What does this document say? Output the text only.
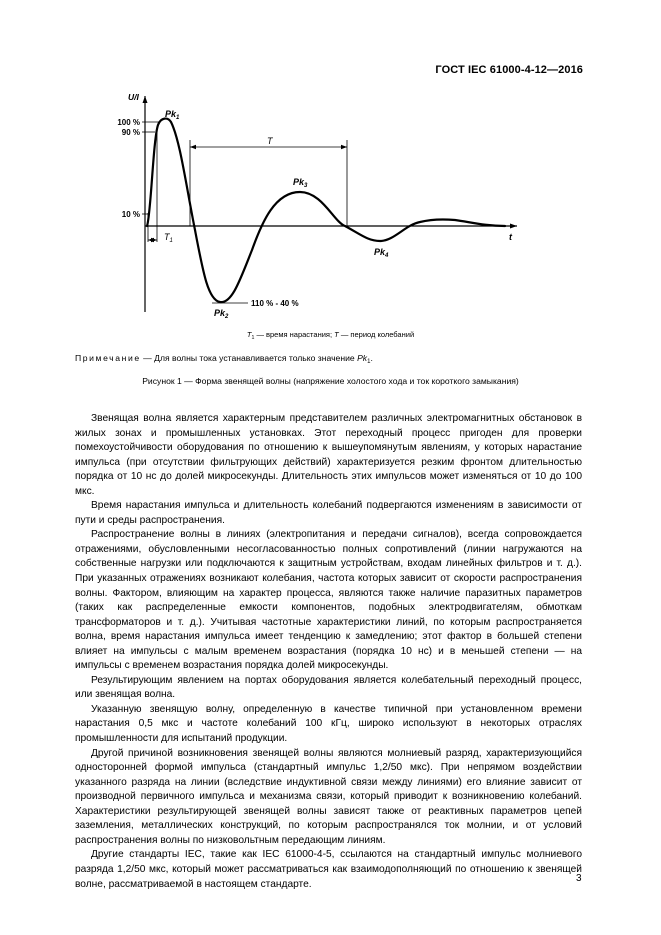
ГОСТ IEC 61000-4-12—2016
$T_1$
T
U/I
t
100 %
90 %
10 %
$Pk_1$
$Pk_2$
$Pk_3$
$Pk_4$
110 % - 40 %
$T_1$ — время нарастания; T — период колебаний
Примечание — Для волны тока устанавливается только значение $Pk_1$.
Рисунок 1 — Форма звенящей волны (напряжение холостого хода и ток короткого замыкания)

Звенящая волна является характерным представителем различных электромагнитных обстановок в жилых зонах и промышленных установках. Этот переходный процесс пригоден для проверки помехоустойчивости оборудования по отношению к вышеупомянутым явлениям, у которых нарастание импульса (при отсутствии фильтрующих действий) характеризуется резким фронтом длительностью порядка от 10 нс до долей микросекунды. Длительность этих импульсов может изменяться от 10 до 100 мкс.

Время нарастания импульса и длительность колебаний подвергаются изменениям в зависимости от пути и среды распространения.

Распространение волны в линиях (электропитания и передачи сигналов), всегда сопровождается отражениями, обусловленными несогласованностью полных сопротивлений (линии нагружаются на собственные нагрузки или подключаются к защитным устройствам, входам линейных фильтров и т. д.). При указанных отражениях возникают колебания, частота которых зависит от скорости распространения волны. Фактором, влияющим на характер процесса, являются также наличие паразитных параметров (таких как распределенные емкости компонентов, подобных электродвигателям, обмоткам трансформаторов и т. д.). Учитывая частотные характеристики линий, по которым распространяется волна, время нарастания импульса имеет тенденцию к замедлению; этот фактор в большей степени влияет на импульсы с малым временем возрастания (порядка 10 нс) и в меньшей степени — на импульсы с временем возрастания порядка долей микросекунды.

Результирующим явлением на портах оборудования является колебательный переходный процесс, или звенящая волна.

Указанную звенящую волну, определенную в качестве типичной при установленном времени нарастания 0,5 мкс и частоте колебаний 100 кГц, широко используют в некоторых отраслях промышленности для испытаний продукции.

Другой причиной возникновения звенящей волны являются молниевый разряд, характеризующийся односторонней формой импульса (стандартный импульс 1,2/50 мкс). При непрямом воздействии указанного разряда на линии (вследствие индуктивной связи между линиями) его влияние зависит от производной первичного импульса и механизма связи, который приводит к возникновению колебаний. Характеристики результирующей звенящей волны зависят также от реактивных параметров цепей заземления, металлических конструкций, по которым распространялся ток молнии, и от условий распространения волны по низковольтным передающим линиям.

Другие стандарты IEC, такие как IEC 61000-4-5, ссылаются на стандартный импульс молниевого разряда 1,2/50 мкс, который может рассматриваться как взаимодополняющий по отношению к звенящей волне, рассматриваемой в настоящем стандарте.	3
